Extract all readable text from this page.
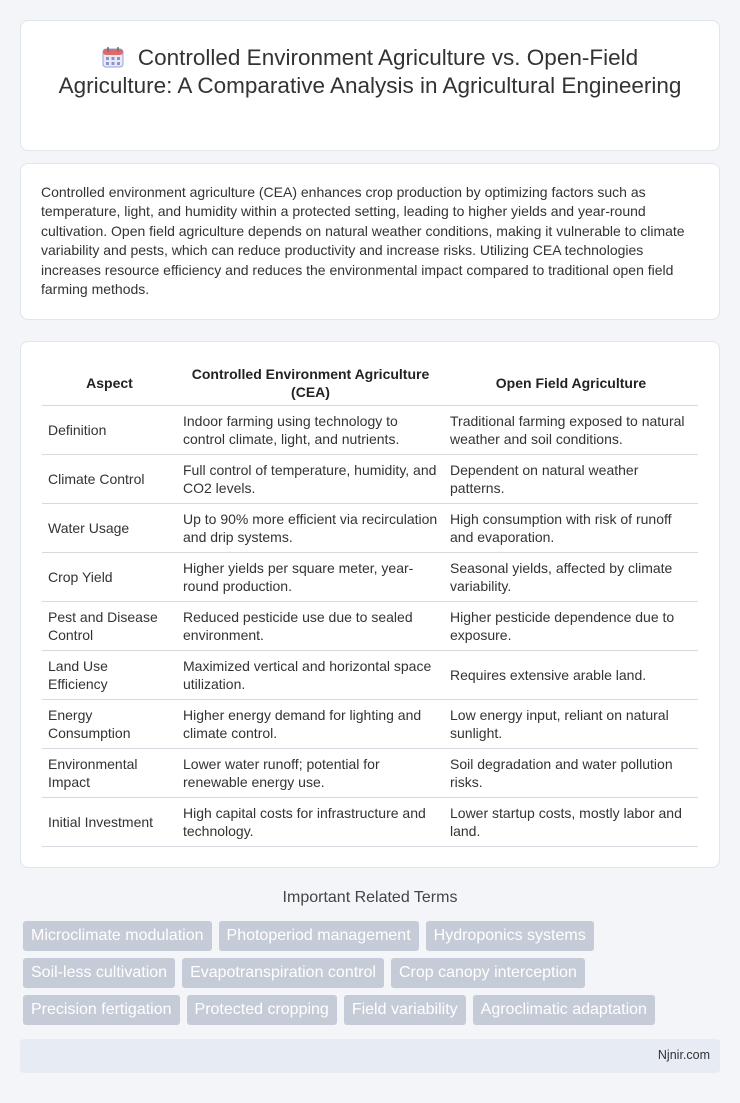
Controlled Environment Agriculture vs. Open-Field Agriculture: A Comparative Analysis in Agricultural Engineering

Controlled environment agriculture (CEA) enhances crop production by optimizing factors such as temperature, light, and humidity within a protected setting, leading to higher yields and year-round cultivation. Open field agriculture depends on natural weather conditions, making it vulnerable to climate variability and pests, which can reduce productivity and increase risks. Utilizing CEA technologies increases resource efficiency and reduces the environmental impact compared to traditional open field farming methods.

Aspect	Controlled Environment Agriculture (CEA)	Open Field Agriculture
Definition	Indoor farming using technology to control climate, light, and nutrients.	Traditional farming exposed to natural weather and soil conditions.
Climate Control	Full control of temperature, humidity, and CO2 levels.	Dependent on natural weather patterns.
Water Usage	Up to 90% more efficient via recirculation and drip systems.	High consumption with risk of runoff and evaporation.
Crop Yield	Higher yields per square meter, year-round production.	Seasonal yields, affected by climate variability.
Pest and Disease Control	Reduced pesticide use due to sealed environment.	Higher pesticide dependence due to exposure.
Land Use Efficiency	Maximized vertical and horizontal space utilization.	Requires extensive arable land.
Energy Consumption	Higher energy demand for lighting and climate control.	Low energy input, reliant on natural sunlight.
Environmental Impact	Lower water runoff; potential for renewable energy use.	Soil degradation and water pollution risks.
Initial Investment	High capital costs for infrastructure and technology.	Lower startup costs, mostly labor and land.
Important Related Terms
Microclimate modulation	Photoperiod management	Hydroponics systems
Soil-less cultivation	Evapotranspiration control	Crop canopy interception
Precision fertigation	Protected cropping	Field variability	Agroclimatic adaptation
Njnir.com
